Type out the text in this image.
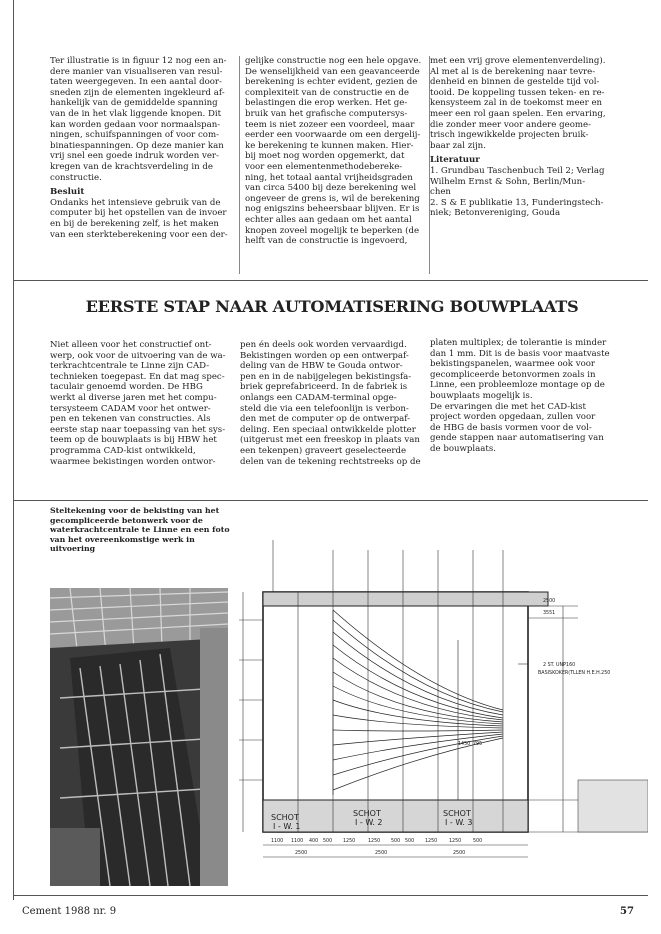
Ter illustratie is in figuur 12 nog een an-
dere manier van visualiseren van resul-
taten weergegeven. In een aantal door-
sneden zijn de elementen ingekleurd af-
hankelijk van de gemiddelde spanning
van de in het vlak liggende knopen. Dit
kan worden gedaan voor normaalspan-
ningen, schuifspanningen of voor com-
binatiespanningen. Op deze manier kan
vrij snel een goede indruk worden ver-
kregen van de krachtsverdeling in de
constructie.

Besluit

Ondanks het intensieve gebruik van de
computer bij het opstellen van de invoer
en bij de berekening zelf, is het maken
van een sterkteberekening voor een der-
gelijke constructie nog een hele opgave.
De wenselijkheid van een geavanceerde
berekening is echter evident, gezien de
complexiteit van de constructie en de
belastingen die erop werken. Het ge-
bruik van het grafische computersys-
teem is niet zozeer een voordeel, maar
eerder een voorwaarde om een dergelij-
ke berekening te kunnen maken. Hier-
bij moet nog worden opgemerkt, dat
voor een elementenmethodebereke-
ning, het totaal aantal vrijheidsgraden
van circa 5400 bij deze berekening wel
ongeveer de grens is, wil de berekening
nog enigszins beheersbaar blijven. Er is
echter alles aan gedaan om het aantal
knopen zoveel mogelijk te beperken (de
helft van de constructie is ingevoerd,
met een vrij grove elementenverdeling).
Al met al is de berekening naar tevre-
denheid en binnen de gestelde tijd vol-
tooid. De koppeling tussen teken- en re-
kensysteem zal in de toekomst meer en
meer een rol gaan spelen. Een ervaring,
die zonder meer voor andere geome-
trisch ingewikkelde projecten bruik-
baar zal zijn.

Literatuur

1. Grundbau Taschenbuch Teil 2; Verlag
Wilhelm Ernst & Sohn, Berlin/Mun-
chen
2. S & E publikatie 13, Funderingstech-
niek; Betonvereniging, Gouda
EERSTE STAP NAAR AUTOMATISERING BOUWPLAATS
Niet alleen voor het constructief ont-
werp, ook voor de uitvoering van de wa-
terkrachtcentrale te Linne zijn CAD-
technieken toegepast. En dat mag spec-
taculair genoemd worden. De HBG
werkt al diverse jaren met het compu-
tersysteem CADAM voor het ontwer-
pen en tekenen van constructies. Als
eerste stap naar toepassing van het sys-
teem op de bouwplaats is bij HBW het
programma CAD-kist ontwikkeld,
waarmee bekistingen worden ontwor-
pen én deels ook worden vervaardigd.
Bekistingen worden op een ontwerpaf-
deling van de HBW te Gouda ontwor-
pen en in de nabijgelegen bekistingsfa-
briek geprefabriceerd. In de fabriek is
onlangs een CADAM-terminal opge-
steld die via een telefoonlijn is verbon-
den met de computer op de ontwerpaf-
deling. Een speciaal ontwikkelde plotter
(uitgerust met een freeskop in plaats van
een tekenpen) graveert geselecteerde
delen van de tekening rechtstreeks op de
platen multiplex; de tolerantie is minder
dan 1 mm. Dit is de basis voor maatvaste
bekistingspanelen, waarmee ook voor
gecompliceerde betonvormen zoals in
Linne, een probleemloze montage op de
bouwplaats mogelijk is.
De ervaringen die met het CAD-kist
project worden opgedaan, zullen voor
de HBG de basis vormen voor de vol-
gende stappen naar automatisering van
de bouwplaats.
Steltekening voor de bekisting van het gecompliceerde betonwerk voor de waterkrachtcentrale te Linne en een foto van het overeenkomstige werk in uitvoering
SCHOT
I - W. 1
SCHOT
I - W. 2
SCHOT
I - W. 3
2 ST. UNP160
BASISKOKER(TLLEN H.E.H.250
2500
3551
1450 795
1100 1100 400 500 1250	1250 500 500 1250 1250 500
2500	2500	2500
Cement 1988 nr. 9	57
